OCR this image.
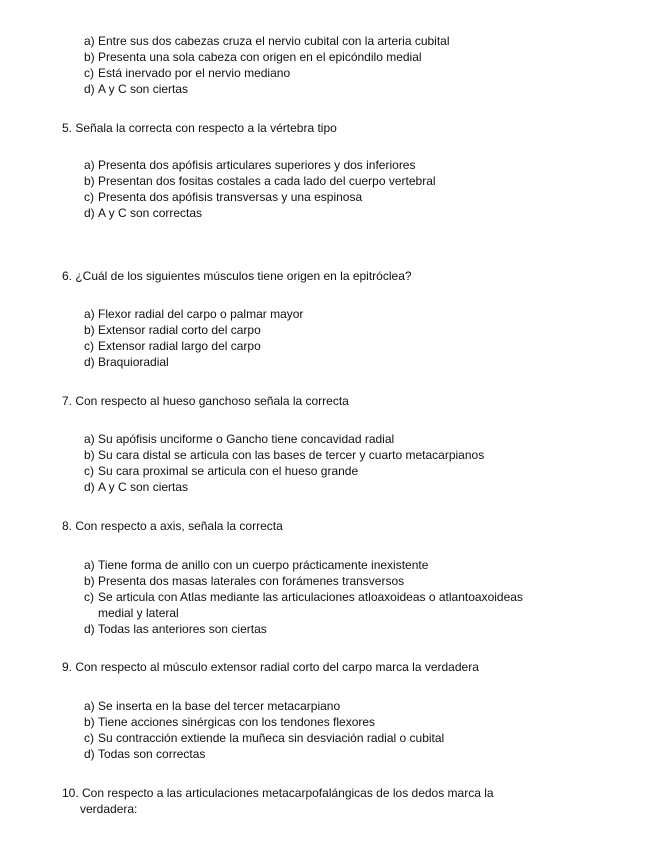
a) Entre sus dos cabezas cruza el nervio cubital con la arteria cubital
b) Presenta una sola cabeza con origen en el epicóndilo medial
c) Está inervado por el nervio mediano
d) A y C son ciertas
5. Señala la correcta con respecto a la vértebra tipo
a) Presenta dos apófisis articulares superiores y dos inferiores
b) Presentan dos fositas costales a cada lado del cuerpo vertebral
c) Presenta dos apófisis transversas y una espinosa
d) A y C son correctas
6. ¿Cuál de los siguientes músculos tiene origen en la epitróclea?
a) Flexor radial del carpo o palmar mayor
b) Extensor radial corto del carpo
c) Extensor radial largo del carpo
d) Braquioradial
7. Con respecto al hueso ganchoso señala la correcta
a) Su apófisis unciforme o Gancho tiene concavidad radial
b) Su cara distal se articula con las bases de tercer y cuarto metacarpianos
c) Su cara proximal se articula con el hueso grande
d) A y C son ciertas
8. Con respecto a axis, señala la correcta
a) Tiene forma de anillo con un cuerpo prácticamente inexistente
b) Presenta dos masas laterales con forámenes transversos
c) Se articula con Atlas mediante las articulaciones atloaxoideas o atlantoaxoideas medial y lateral
d) Todas las anteriores son ciertas
9. Con respecto al músculo extensor radial corto del carpo marca la verdadera
a) Se inserta en la base del tercer metacarpiano
b) Tiene acciones sinérgicas con los tendones flexores
c) Su contracción extiende la muñeca sin desviación radial o cubital
d) Todas son correctas
10. Con respecto a las articulaciones metacarpofalángicas de los dedos marca la verdadera:
